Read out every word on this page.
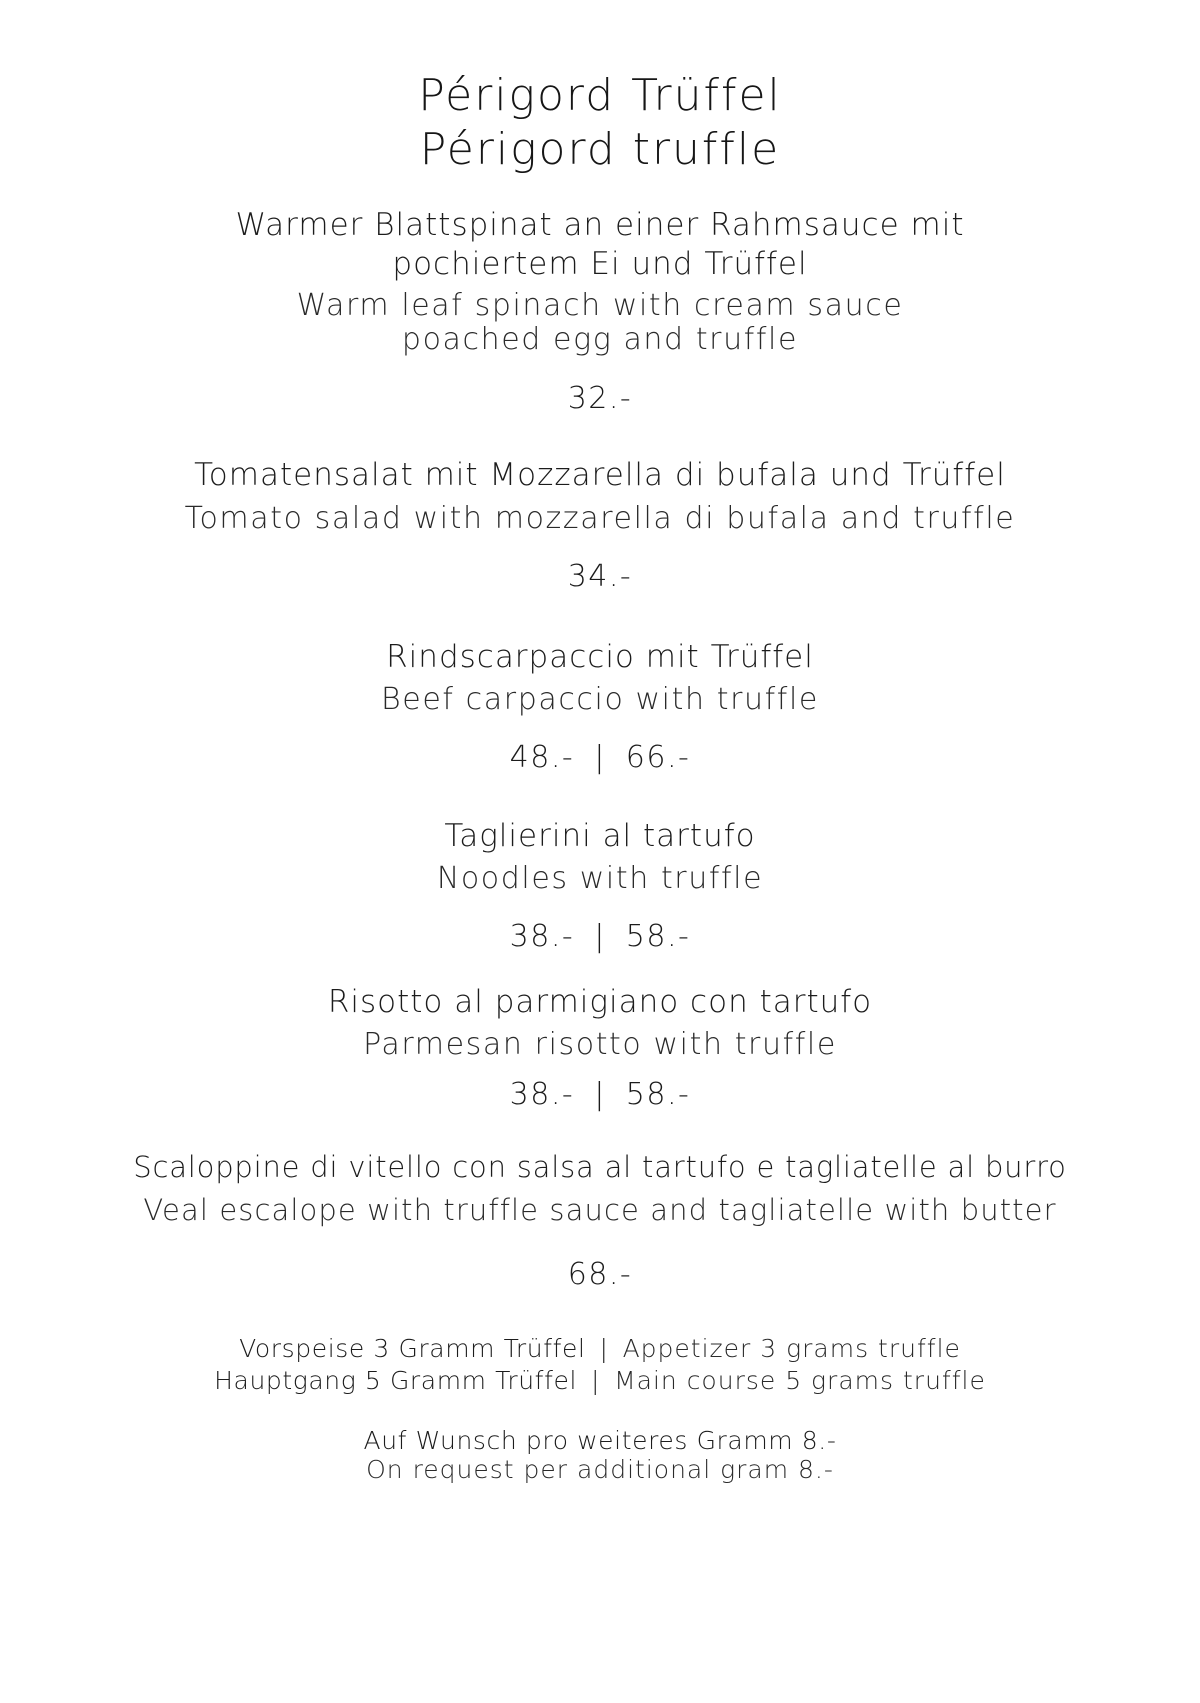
Périgord Trüffel
Périgord truffle
Warmer Blattspinat an einer Rahmsauce mit
pochiertem Ei und Trüffel
Warm leaf spinach with cream sauce
poached egg and truffle
32.-
Tomatensalat mit Mozzarella di bufala und Trüffel
Tomato salad with mozzarella di bufala and truffle
34.-
Rindscarpaccio mit Trüffel
Beef carpaccio with truffle
48.- | 66.-
Taglierini al tartufo
Noodles with truffle
38.- | 58.-
Risotto al parmigiano con tartufo
Parmesan risotto with truffle
38.- | 58.-
Scaloppine di vitello con salsa al tartufo e tagliatelle al burro
Veal escalope with truffle sauce and tagliatelle with butter
68.-
Vorspeise 3 Gramm Trüffel | Appetizer 3 grams truffle
Hauptgang 5 Gramm Trüffel | Main course 5 grams truffle
Auf Wunsch pro weiteres Gramm 8.-
On request per additional gram 8.-
